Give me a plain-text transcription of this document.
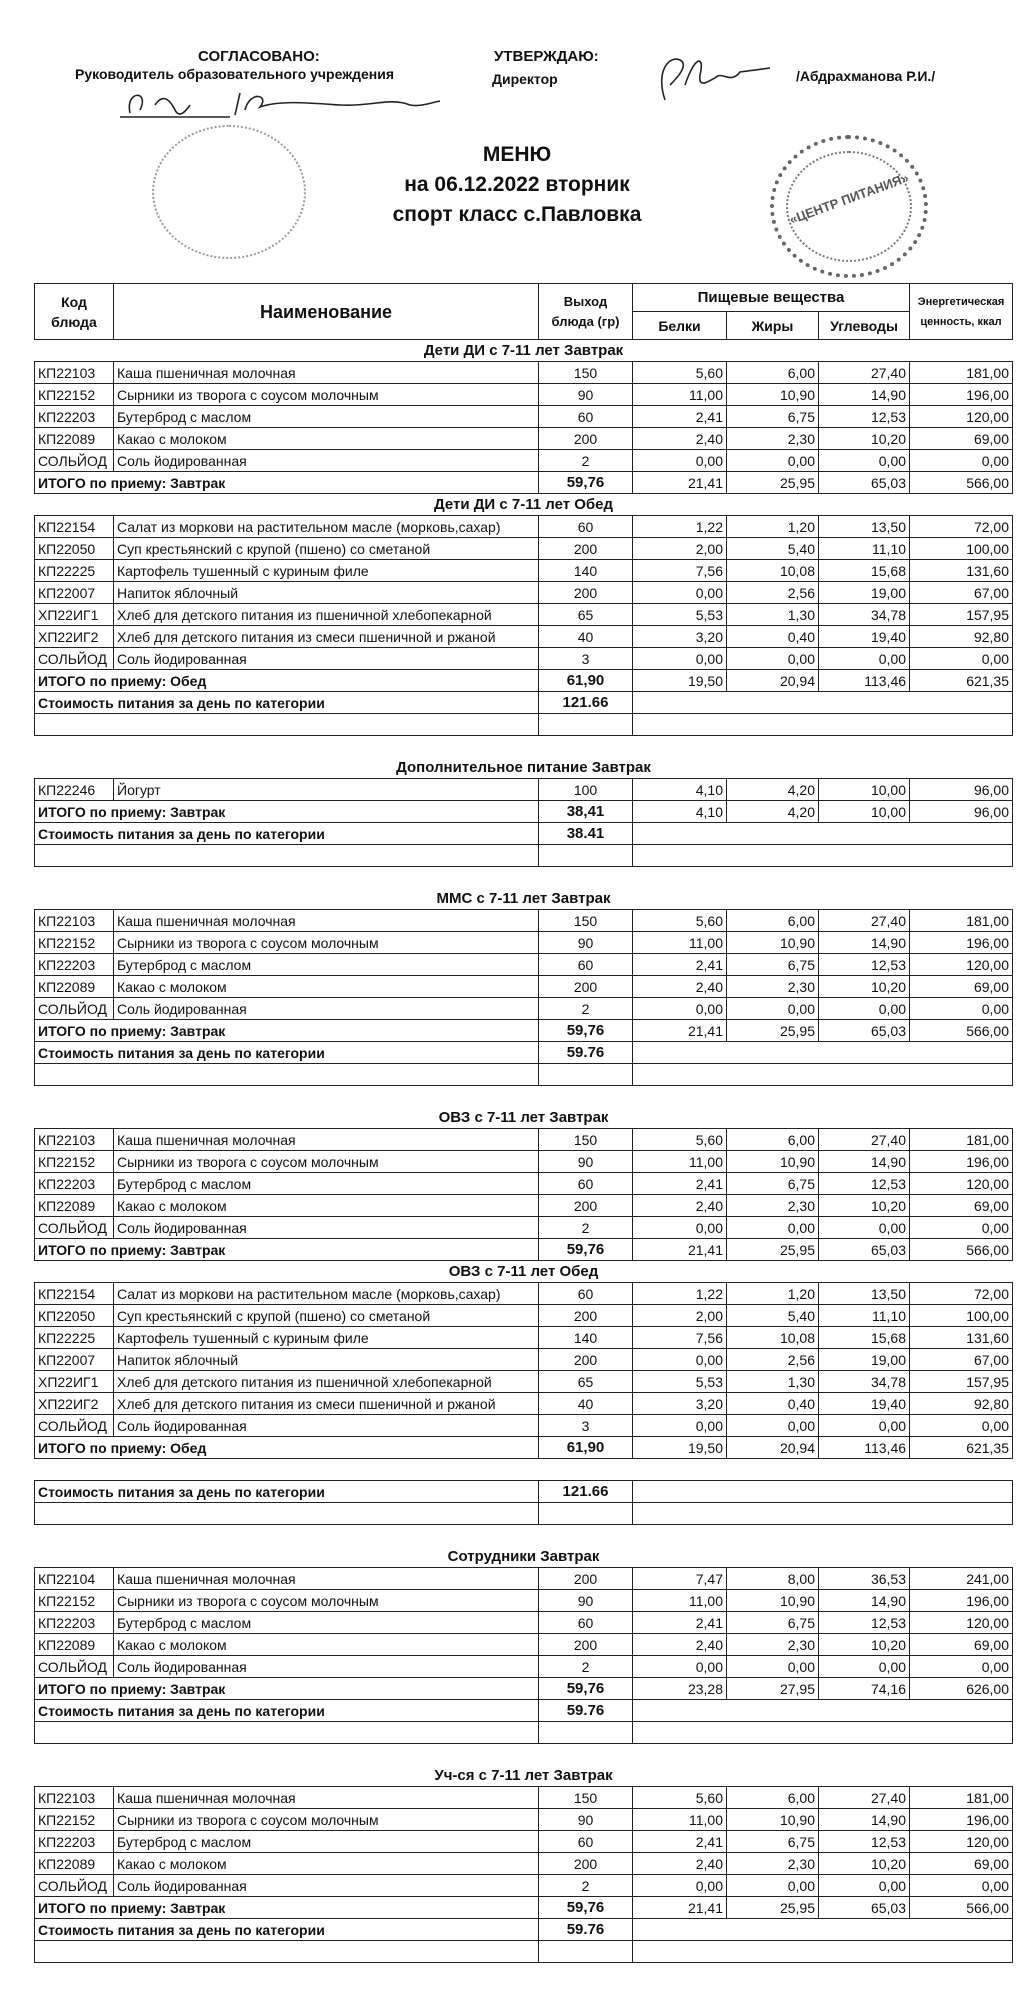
СОГЛАСОВАНО:
Руководитель образовательного учреждения
УТВЕРЖДАЮ:
Директор	/Абдрахманова Р.И./
«ЦЕНТР ПИТАНИЯ»
МЕНЮ
на 06.12.2022 вторник
спорт класс с.Павловка
Код блюда	Наименование	Выход блюда (гр)	Пищевые вещества			Энергетическая ценность, ккал
			Белки	Жиры	Углеводы	
Дети ДИ с 7-11 лет Завтрак						
КП22103	Каша пшеничная молочная	150	5,60	6,00	27,40	181,00
КП22152	Сырники из творога с соусом молочным	90	11,00	10,90	14,90	196,00
КП22203	Бутерброд с маслом	60	2,41	6,75	12,53	120,00
КП22089	Какао с молоком	200	2,40	2,30	10,20	69,00
СОЛЬЙОД	Соль йодированная	2	0,00	0,00	0,00	0,00
ИТОГО по приему: Завтрак		59,76	21,41	25,95	65,03	566,00
Дети ДИ с 7-11 лет Обед						
КП22154	Салат из моркови на растительном масле (морковь,сахар)	60	1,22	1,20	13,50	72,00
КП22050	Суп крестьянский с крупой (пшено) со сметаной	200	2,00	5,40	11,10	100,00
КП22225	Картофель тушенный с куриным филе	140	7,56	10,08	15,68	131,60
КП22007	Напиток яблочный	200	0,00	2,56	19,00	67,00
ХП22ИГ1	Хлеб для детского питания из пшеничной хлебопекарной	65	5,53	1,30	34,78	157,95
ХП22ИГ2	Хлеб для детского питания из смеси пшеничной и ржаной	40	3,20	0,40	19,40	92,80
СОЛЬЙОД	Соль йодированная	3	0,00	0,00	0,00	0,00
ИТОГО по приему: Обед		61,90	19,50	20,94	113,46	621,35
Стоимость питания за день по категории		121.66				

Дополнительное питание Завтрак						
КП22246	Йогурт	100	4,10	4,20	10,00	96,00
ИТОГО по приему: Завтрак		38,41	4,10	4,20	10,00	96,00
Стоимость питания за день по категории		38.41				

ММС с 7-11 лет Завтрак						
КП22103	Каша пшеничная молочная	150	5,60	6,00	27,40	181,00
КП22152	Сырники из творога с соусом молочным	90	11,00	10,90	14,90	196,00
КП22203	Бутерброд с маслом	60	2,41	6,75	12,53	120,00
КП22089	Какао с молоком	200	2,40	2,30	10,20	69,00
СОЛЬЙОД	Соль йодированная	2	0,00	0,00	0,00	0,00
ИТОГО по приему: Завтрак		59,76	21,41	25,95	65,03	566,00
Стоимость питания за день по категории		59.76				

ОВЗ с 7-11 лет Завтрак						
КП22103	Каша пшеничная молочная	150	5,60	6,00	27,40	181,00
КП22152	Сырники из творога с соусом молочным	90	11,00	10,90	14,90	196,00
КП22203	Бутерброд с маслом	60	2,41	6,75	12,53	120,00
КП22089	Какао с молоком	200	2,40	2,30	10,20	69,00
СОЛЬЙОД	Соль йодированная	2	0,00	0,00	0,00	0,00
ИТОГО по приему: Завтрак		59,76	21,41	25,95	65,03	566,00
ОВЗ с 7-11 лет Обед						
КП22154	Салат из моркови на растительном масле (морковь,сахар)	60	1,22	1,20	13,50	72,00
КП22050	Суп крестьянский с крупой (пшено) со сметаной	200	2,00	5,40	11,10	100,00
КП22225	Картофель тушенный с куриным филе	140	7,56	10,08	15,68	131,60
КП22007	Напиток яблочный	200	0,00	2,56	19,00	67,00
ХП22ИГ1	Хлеб для детского питания из пшеничной хлебопекарной	65	5,53	1,30	34,78	157,95
ХП22ИГ2	Хлеб для детского питания из смеси пшеничной и ржаной	40	3,20	0,40	19,40	92,80
СОЛЬЙОД	Соль йодированная	3	0,00	0,00	0,00	0,00
ИТОГО по приему: Обед		61,90	19,50	20,94	113,46	621,35

Стоимость питания за день по категории		121.66				

Сотрудники Завтрак						
КП22104	Каша пшеничная молочная	200	7,47	8,00	36,53	241,00
КП22152	Сырники из творога с соусом молочным	90	11,00	10,90	14,90	196,00
КП22203	Бутерброд с маслом	60	2,41	6,75	12,53	120,00
КП22089	Какао с молоком	200	2,40	2,30	10,20	69,00
СОЛЬЙОД	Соль йодированная	2	0,00	0,00	0,00	0,00
ИТОГО по приему: Завтрак		59,76	23,28	27,95	74,16	626,00
Стоимость питания за день по категории		59.76				

Уч-ся с 7-11 лет Завтрак						
КП22103	Каша пшеничная молочная	150	5,60	6,00	27,40	181,00
КП22152	Сырники из творога с соусом молочным	90	11,00	10,90	14,90	196,00
КП22203	Бутерброд с маслом	60	2,41	6,75	12,53	120,00
КП22089	Какао с молоком	200	2,40	2,30	10,20	69,00
СОЛЬЙОД	Соль йодированная	2	0,00	0,00	0,00	0,00
ИТОГО по приему: Завтрак		59,76	21,41	25,95	65,03	566,00
Стоимость питания за день по категории		59.76				
